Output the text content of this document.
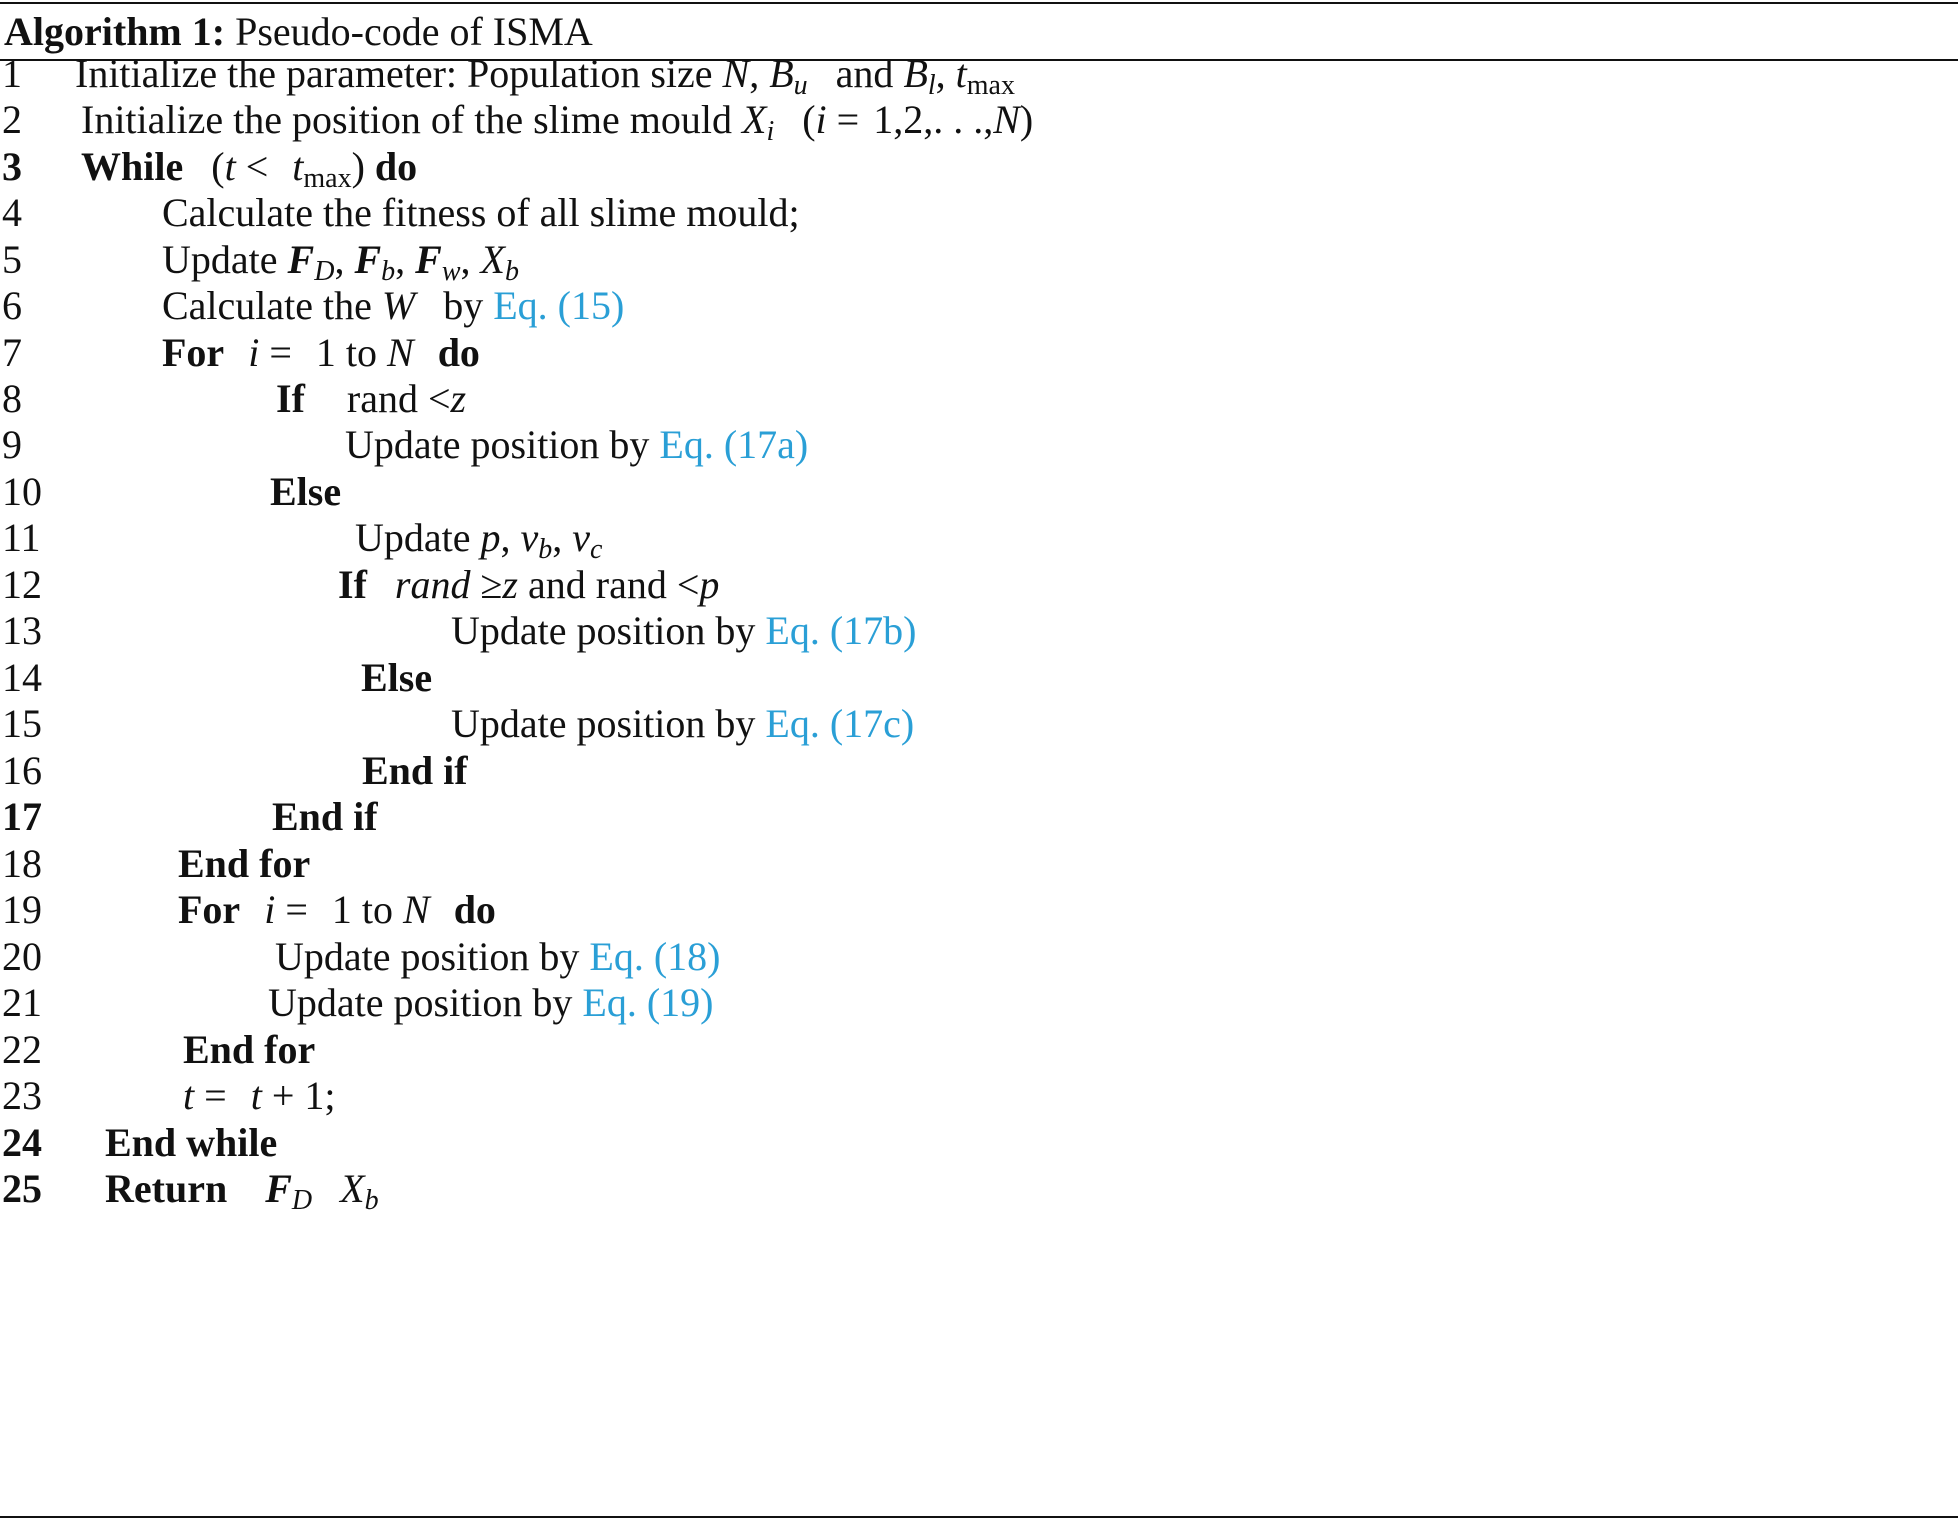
Algorithm 1: Pseudo-code of ISMA
1 Initialize the parameter: Population size N, $B_u$ and $B_l$, $t_{max}$
2 Initialize the position of the slime mould $X_i$ (i = 1,2,. . .,N)
3 While $(t < t_{max})$ do
4	Calculate the fitness of all slime mould;
5	Update $F_D$, $F_b$, $F_w$, $X_b$
6	Calculate the W by Eq. (15)
7	For i = 1 to N do
8	If rand <z
9	Update position by Eq. (17a)
10	Else
11	Update p, $v_b$, $v_c$
12	If rand ≥z and rand <p
13	Update position by Eq. (17b)
14	Else
15	Update position by Eq. (17c)
16	End if
17	End if
18	End for
19	For i = 1 to N do
20	Update position by Eq. (18)
21	Update position by Eq. (19)
22	End for
23	t = t + 1;
24 End while
25 Return $F_D$ $X_b$
